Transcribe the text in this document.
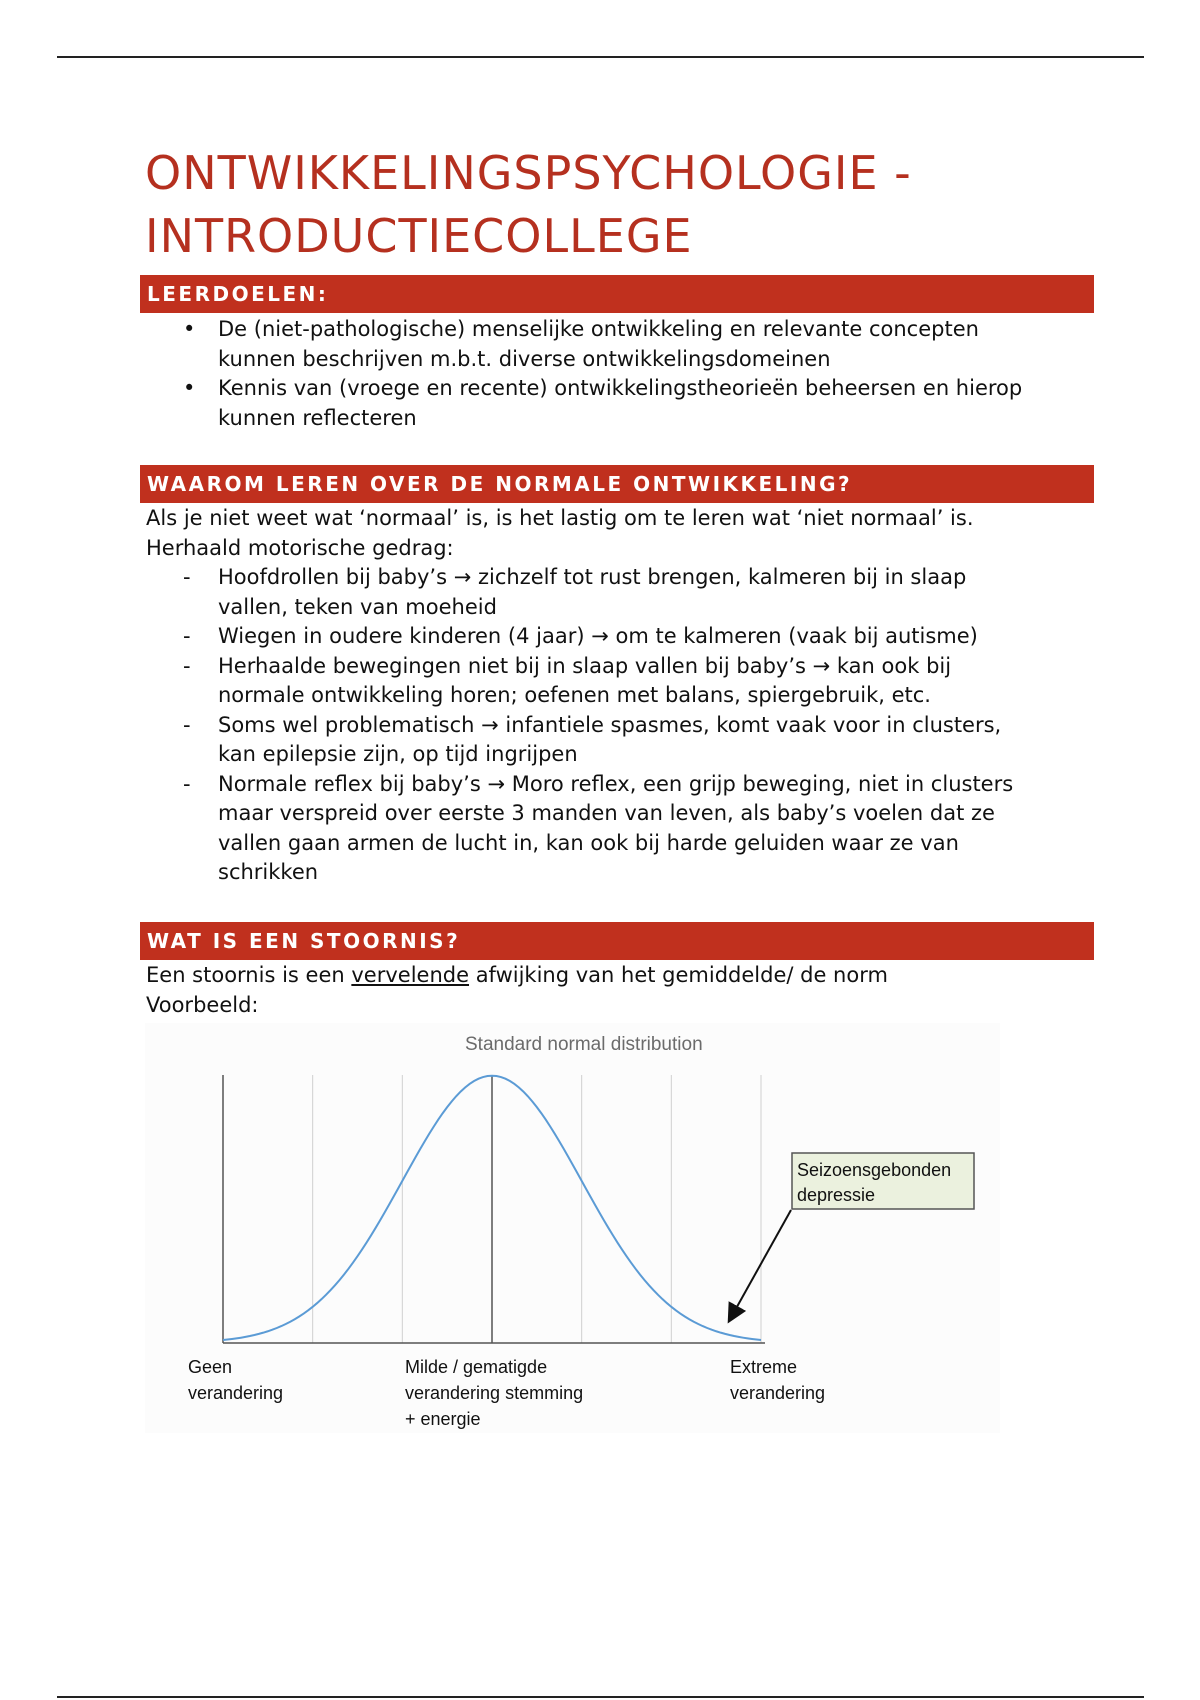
ONTWIKKELINGSPSYCHOLOGIE -
INTRODUCTIECOLLEGE
LEERDOELEN:
• De (niet-pathologische) menselijke ontwikkeling en relevante concepten
kunnen beschrijven m.b.t. diverse ontwikkelingsdomeinen
• Kennis van (vroege en recente) ontwikkelingstheorieën beheersen en hierop
kunnen reflecteren
WAAROM LEREN OVER DE NORMALE ONTWIKKELING?

Als je niet weet wat ‘normaal’ is, is het lastig om te leren wat ‘niet normaal’ is.
Herhaald motorische gedrag:

- Hoofdrollen bij baby’s → zichzelf tot rust brengen, kalmeren bij in slaap
vallen, teken van moeheid
- Wiegen in oudere kinderen (4 jaar) → om te kalmeren (vaak bij autisme)
- Herhaalde bewegingen niet bij in slaap vallen bij baby’s → kan ook bij
normale ontwikkeling horen; oefenen met balans, spiergebruik, etc.
- Soms wel problematisch → infantiele spasmes, komt vaak voor in clusters,
kan epilepsie zijn, op tijd ingrijpen
- Normale reflex bij baby’s → Moro reflex, een grijp beweging, niet in clusters
maar verspreid over eerste 3 manden van leven, als baby’s voelen dat ze
vallen gaan armen de lucht in, kan ook bij harde geluiden waar ze van
schrikken
WAT IS EEN STOORNIS?

Een stoornis is een vervelende afwijking van het gemiddelde/ de norm
Voorbeeld:

Standard normal distribution
Seizoensgebonden depressie
Geen verandering
Milde / gematigde verandering stemming + energie
Extreme verandering
